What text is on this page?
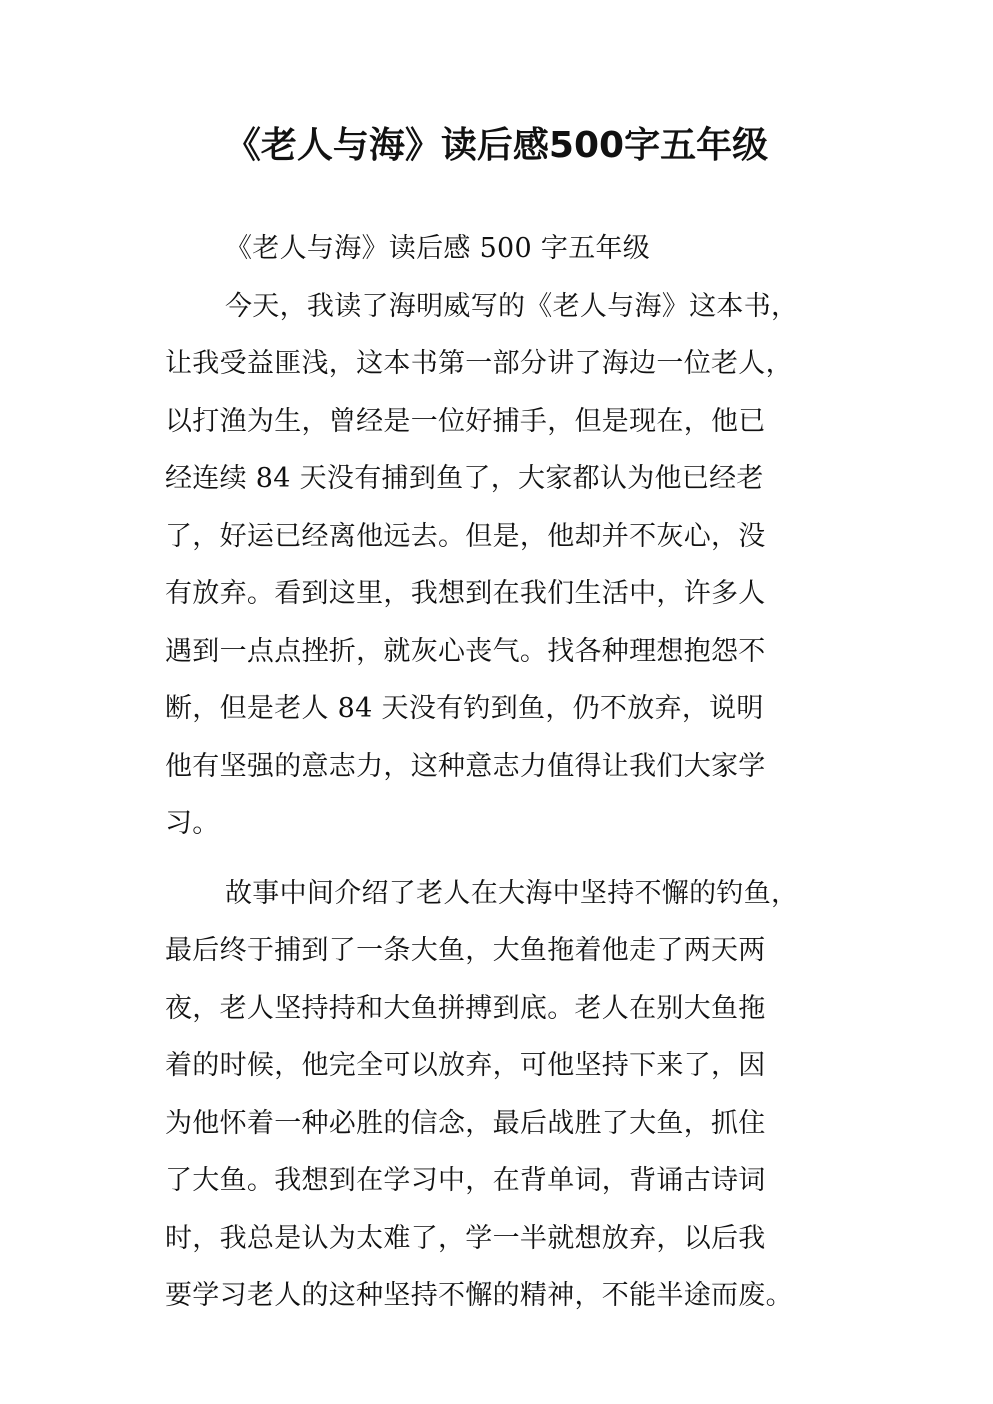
《老人与海》读后感500字五年级
《老人与海》读后感 500 字五年级
今天，我读了海明威写的《老人与海》这本书，
让我受益匪浅，这本书第一部分讲了海边一位老人，
以打渔为生，曾经是一位好捕手，但是现在，他已
经连续 84 天没有捕到鱼了，大家都认为他已经老
了，好运已经离他远去。但是，他却并不灰心，没
有放弃。看到这里，我想到在我们生活中，许多人
遇到一点点挫折，就灰心丧气。找各种理想抱怨不
断，但是老人 84 天没有钓到鱼，仍不放弃，说明
他有坚强的意志力，这种意志力值得让我们大家学
习。
故事中间介绍了老人在大海中坚持不懈的钓鱼，
最后终于捕到了一条大鱼，大鱼拖着他走了两天两
夜，老人坚持持和大鱼拼搏到底。老人在别大鱼拖
着的时候，他完全可以放弃，可他坚持下来了，因
为他怀着一种必胜的信念，最后战胜了大鱼，抓住
了大鱼。我想到在学习中，在背单词，背诵古诗词
时，我总是认为太难了，学一半就想放弃，以后我
要学习老人的这种坚持不懈的精神，不能半途而废。
